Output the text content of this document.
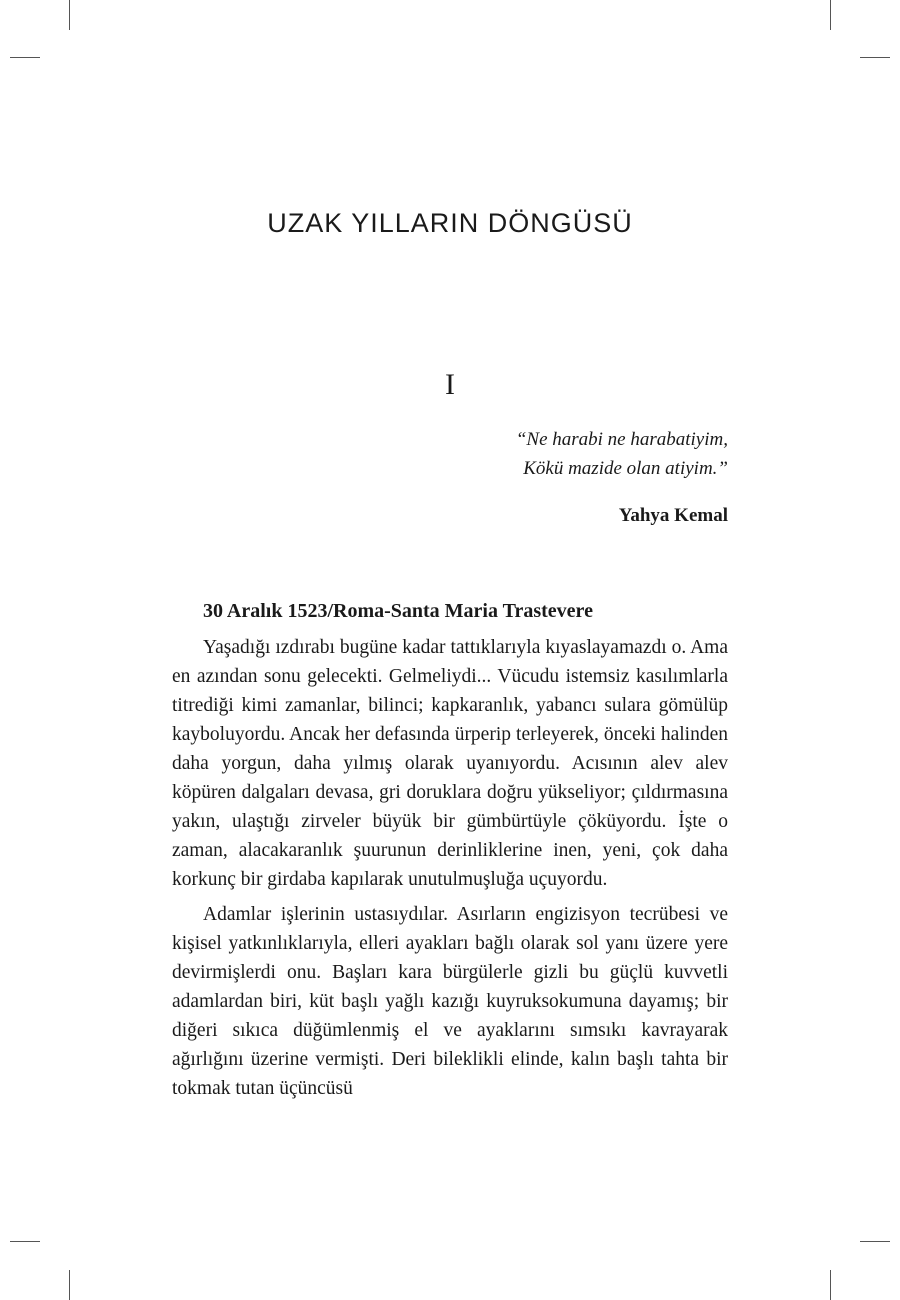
UZAK YILLARIN DÖNGÜSÜ
I
“Ne harabi ne harabatiyim,
Kökü mazide olan atiyim.”
Yahya Kemal
30 Aralık 1523/Roma-Santa Maria Trastevere

Yaşadığı ızdırabı bugüne kadar tattıklarıyla kıyaslayamazdı o. Ama en azından sonu gelecekti. Gelmeliydi... Vücudu istemsiz kasılımlarla titrediği kimi zamanlar, bilinci; kapkaranlık, yabancı sulara gömülüp kayboluyordu. Ancak her defasında ürperip terleyerek, önceki halinden daha yorgun, daha yılmış olarak uyanıyordu. Acısının alev alev köpüren dalgaları devasa, gri doruklara doğru yükseliyor; çıldırmasına yakın, ulaştığı zirveler büyük bir gümbürtüyle çöküyordu. İşte o zaman, alacakaranlık şuurunun derinliklerine inen, yeni, çok daha korkunç bir girdaba kapılarak unutulmuşluğa uçuyordu.

Adamlar işlerinin ustasıydılar. Asırların engizisyon tecrübesi ve kişisel yatkınlıklarıyla, elleri ayakları bağlı olarak sol yanı üzere yere devirmişlerdi onu. Başları kara bürgülerle gizli bu güçlü kuvvetli adamlardan biri, küt başlı yağlı kazığı kuyruksokumuna dayamış; bir diğeri sıkıca düğümlenmiş el ve ayaklarını sımsıkı kavrayarak ağırlığını üzerine vermişti. Deri bileklikli elinde, kalın başlı tahta bir tokmak tutan üçüncüsü
